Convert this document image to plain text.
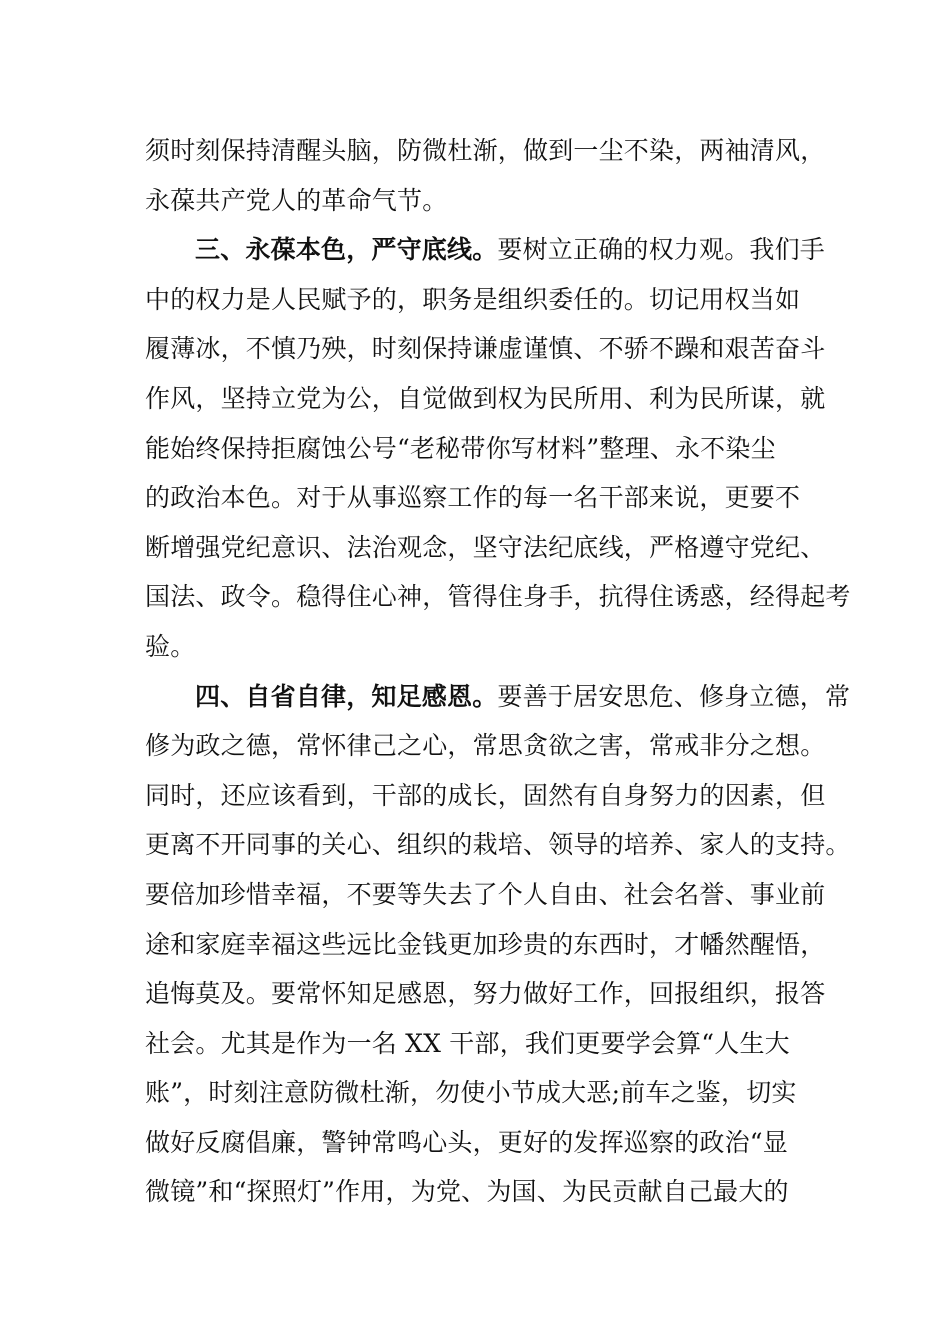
须时刻保持清醒头脑，防微杜渐，做到一尘不染，两袖清风，
永葆共产党人的革命气节。
三、永葆本色，严守底线。要树立正确的权力观。我们手
中的权力是人民赋予的，职务是组织委任的。切记用权当如
履薄冰，不慎乃殃，时刻保持谦虚谨慎、不骄不躁和艰苦奋斗
作风，坚持立党为公，自觉做到权为民所用、利为民所谋，就
能始终保持拒腐蚀公号“老秘带你写材料”整理、永不染尘
的政治本色。对于从事巡察工作的每一名干部来说，更要不
断增强党纪意识、法治观念，坚守法纪底线，严格遵守党纪、
国法、政令。稳得住心神，管得住身手，抗得住诱惑，经得起考
验。
四、自省自律，知足感恩。要善于居安思危、修身立德，常
修为政之德，常怀律己之心，常思贪欲之害，常戒非分之想。
同时，还应该看到，干部的成长，固然有自身努力的因素，但
更离不开同事的关心、组织的栽培、领导的培养、家人的支持。
要倍加珍惜幸福，不要等失去了个人自由、社会名誉、事业前
途和家庭幸福这些远比金钱更加珍贵的东西时，才幡然醒悟，
追悔莫及。要常怀知足感恩，努力做好工作，回报组织，报答
社会。尤其是作为一名 XX 干部，我们更要学会算“人生大
账”，时刻注意防微杜渐，勿使小节成大恶;前车之鉴，切实
做好反腐倡廉，警钟常鸣心头，更好的发挥巡察的政治“显
微镜”和“探照灯”作用，为党、为国、为民贡献自己最大的
